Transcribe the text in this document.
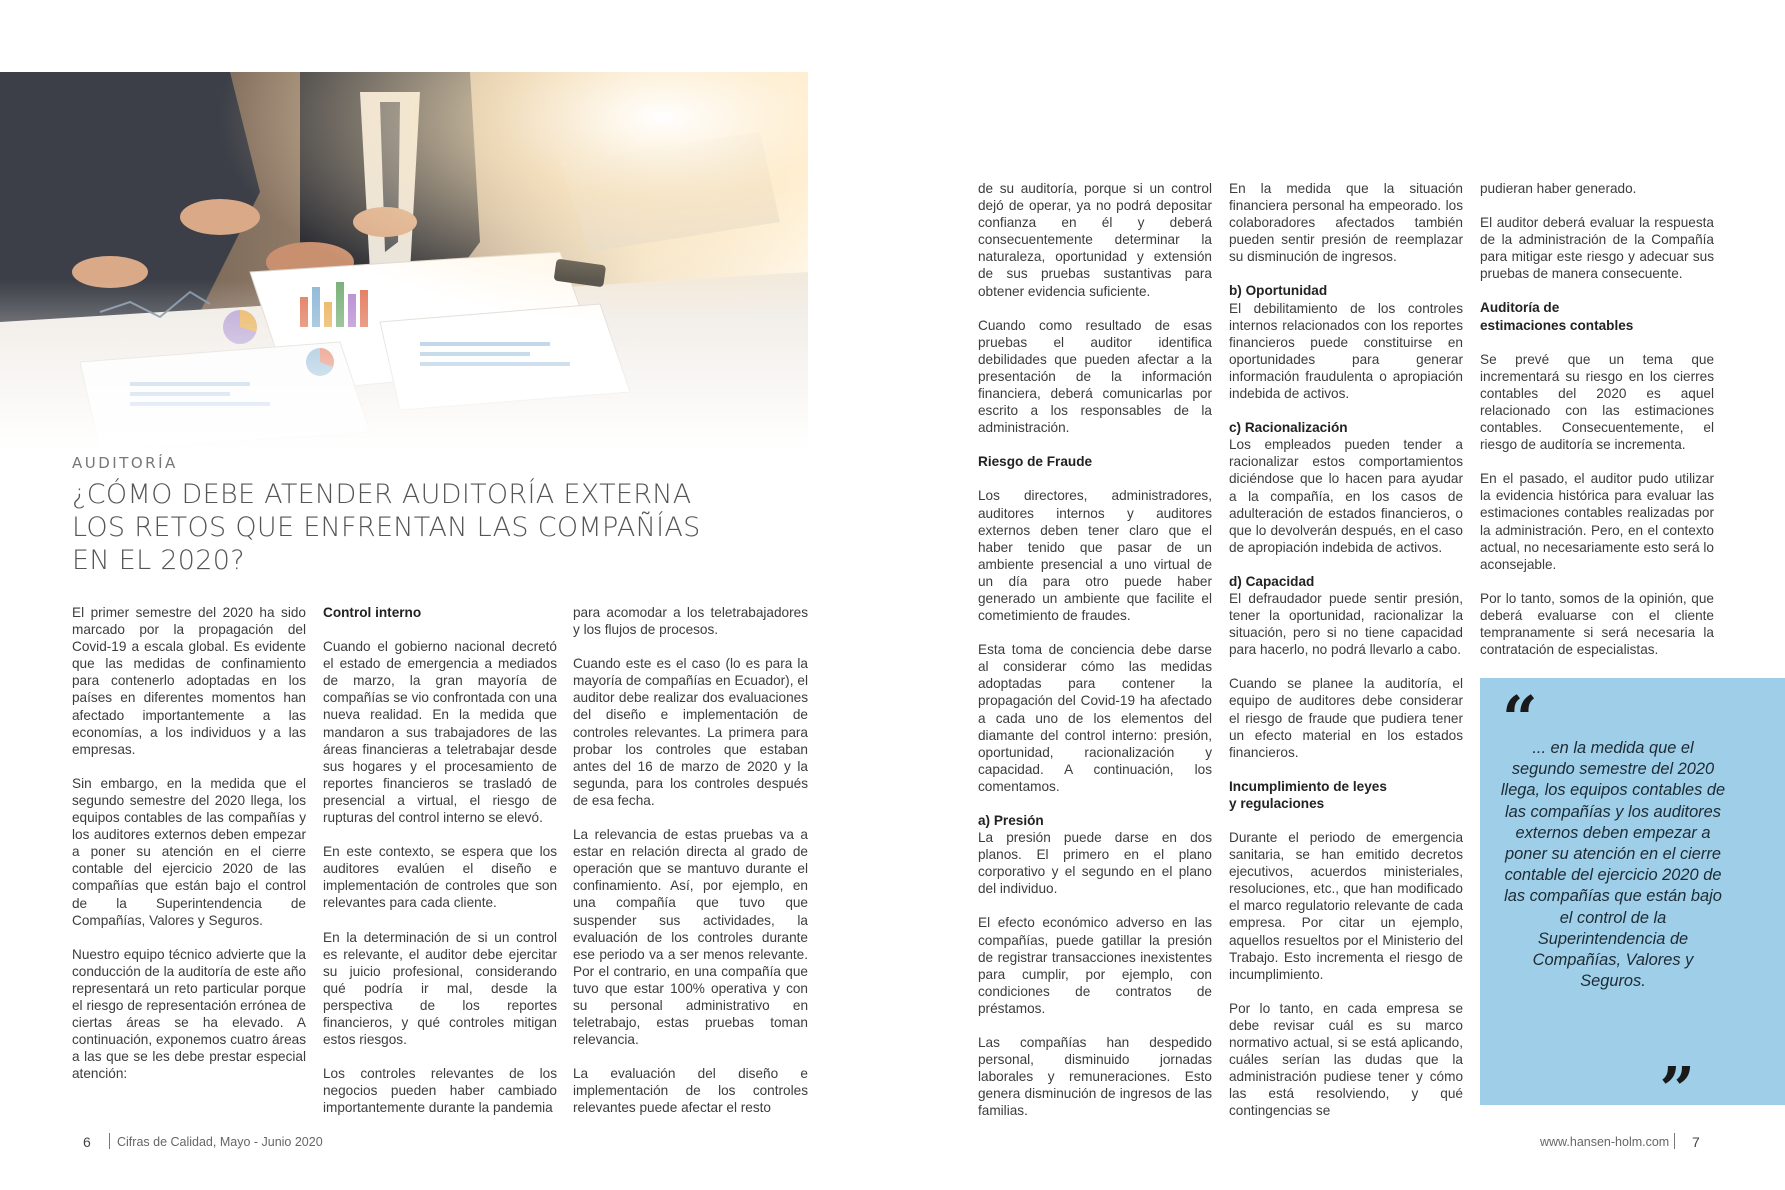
AUDITORÍA
¿CÓMO DEBE ATENDER AUDITORÍA EXTERNA LOS RETOS QUE ENFRENTAN LAS COMPAÑÍAS EN EL 2020?

El primer semestre del 2020 ha sido marcado por la propagación del Covid-19 a escala global. Es evidente que las medidas de confinamiento para contenerlo adoptadas en los países en diferentes momentos han afectado importantemente a las economías, a los individuos y a las empresas.

Sin embargo, en la medida que el segundo semestre del 2020 llega, los equipos contables de las compañías y los auditores externos deben empezar a poner su atención en el cierre contable del ejercicio 2020 de las compañías que están bajo el control de la Superintendencia de Compañías, Valores y Seguros.

Nuestro equipo técnico advierte que la conducción de la auditoría de este año representará un reto particular porque el riesgo de representación errónea de ciertas áreas se ha elevado. A continuación, exponemos cuatro áreas a las que se les debe prestar especial atención:

Control interno

Cuando el gobierno nacional decretó el estado de emergencia a mediados de marzo, la gran mayoría de compañías se vio confrontada con una nueva realidad. En la medida que mandaron a sus trabajadores de las áreas financieras a teletrabajar desde sus hogares y el procesamiento de reportes financieros se trasladó de presencial a virtual, el riesgo de rupturas del control interno se elevó.

En este contexto, se espera que los auditores evalúen el diseño e implementación de controles que son relevantes para cada cliente.

En la determinación de si un control es relevante, el auditor debe ejercitar su juicio profesional, considerando qué podría ir mal, desde la perspectiva de los reportes financieros, y qué controles mitigan estos riesgos.

Los controles relevantes de los negocios pueden haber cambiado importantemente durante la pandemia

para acomodar a los teletrabajadores y los flujos de procesos.

Cuando este es el caso (lo es para la mayoría de compañías en Ecuador), el auditor debe realizar dos evaluaciones del diseño e implementación de controles relevantes. La primera para probar los controles que estaban antes del 16 de marzo de 2020 y la segunda, para los controles después de esa fecha.

La relevancia de estas pruebas va a estar en relación directa al grado de operación que se mantuvo durante el confinamiento. Así, por ejemplo, en una compañía que tuvo que suspender sus actividades, la evaluación de los controles durante ese periodo va a ser menos relevante. Por el contrario, en una compañía que tuvo que estar 100% operativa y con su personal administrativo en teletrabajo, estas pruebas toman relevancia.

La evaluación del diseño e implementación de los controles relevantes puede afectar el resto

de su auditoría, porque si un control dejó de operar, ya no podrá depositar confianza en él y deberá consecuentemente determinar la naturaleza, oportunidad y extensión de sus pruebas sustantivas para obtener evidencia suficiente.

Cuando como resultado de esas pruebas el auditor identifica debilidades que pueden afectar a la presentación de la información financiera, deberá comunicarlas por escrito a los responsables de la administración.

Riesgo de Fraude

Los directores, administradores, auditores internos y auditores externos deben tener claro que el haber tenido que pasar de un ambiente presencial a uno virtual de un día para otro puede haber generado un ambiente que facilite el cometimiento de fraudes.

Esta toma de conciencia debe darse al considerar cómo las medidas adoptadas para contener la propagación del Covid-19 ha afectado a cada uno de los elementos del diamante del control interno: presión, oportunidad, racionalización y capacidad. A continuación, los comentamos.

a) Presión

La presión puede darse en dos planos. El primero en el plano corporativo y el segundo en el plano del individuo.

El efecto económico adverso en las compañías, puede gatillar la presión de registrar transacciones inexistentes para cumplir, por ejemplo, con condiciones de contratos de préstamos.

Las compañías han despedido personal, disminuido jornadas laborales y remuneraciones. Esto genera disminución de ingresos de las familias.

En la medida que la situación financiera personal ha empeorado. los colaboradores afectados también pueden sentir presión de reemplazar su disminución de ingresos.

b) Oportunidad

El debilitamiento de los controles internos relacionados con los reportes financieros puede constituirse en oportunidades para generar información fraudulenta o apropiación indebida de activos.

c) Racionalización

Los empleados pueden tender a racionalizar estos comportamientos diciéndose que lo hacen para ayudar a la compañía, en los casos de adulteración de estados financieros, o que lo devolverán después, en el caso de apropiación indebida de activos.

d) Capacidad

El defraudador puede sentir presión, tener la oportunidad, racionalizar la situación, pero si no tiene capacidad para hacerlo, no podrá llevarlo a cabo.

Cuando se planee la auditoría, el equipo de auditores debe considerar el riesgo de fraude que pudiera tener un efecto material en los estados financieros.

Incumplimiento de leyes
y regulaciones

Durante el periodo de emergencia sanitaria, se han emitido decretos ejecutivos, acuerdos ministeriales, resoluciones, etc., que han modificado el marco regulatorio relevante de cada empresa. Por citar un ejemplo, aquellos resueltos por el Ministerio del Trabajo. Esto incrementa el riesgo de incumplimiento.

Por lo tanto, en cada empresa se debe revisar cuál es su marco normativo actual, si se está aplicando, cuáles serían las dudas que la administración pudiese tener y cómo las está resolviendo, y qué contingencias se

pudieran haber generado.

El auditor deberá evaluar la respuesta de la administración de la Compañía para mitigar este riesgo y adecuar sus pruebas de manera consecuente.

Auditoría de
estimaciones contables

Se prevé que un tema que incrementará su riesgo en los cierres contables del 2020 es aquel relacionado con las estimaciones contables. Consecuentemente, el riesgo de auditoría se incrementa.

En el pasado, el auditor pudo utilizar la evidencia histórica para evaluar las estimaciones contables realizadas por la administración. Pero, en el contexto actual, no necesariamente esto será lo aconsejable.

Por lo tanto, somos de la opinión, que deberá evaluarse con el cliente tempranamente si será necesaria la contratación de especialistas.

“
... en la medida que el segundo semestre del 2020 llega, los equipos contables de las compañías y los auditores externos deben empezar a poner su atención en el cierre contable del ejercicio 2020 de las compañías que están bajo el control de la Superintendencia de Compañías, Valores y Seguros.
”
6 Cifras de Calidad, Mayo - Junio 2020	www.hansen-holm.com 7
